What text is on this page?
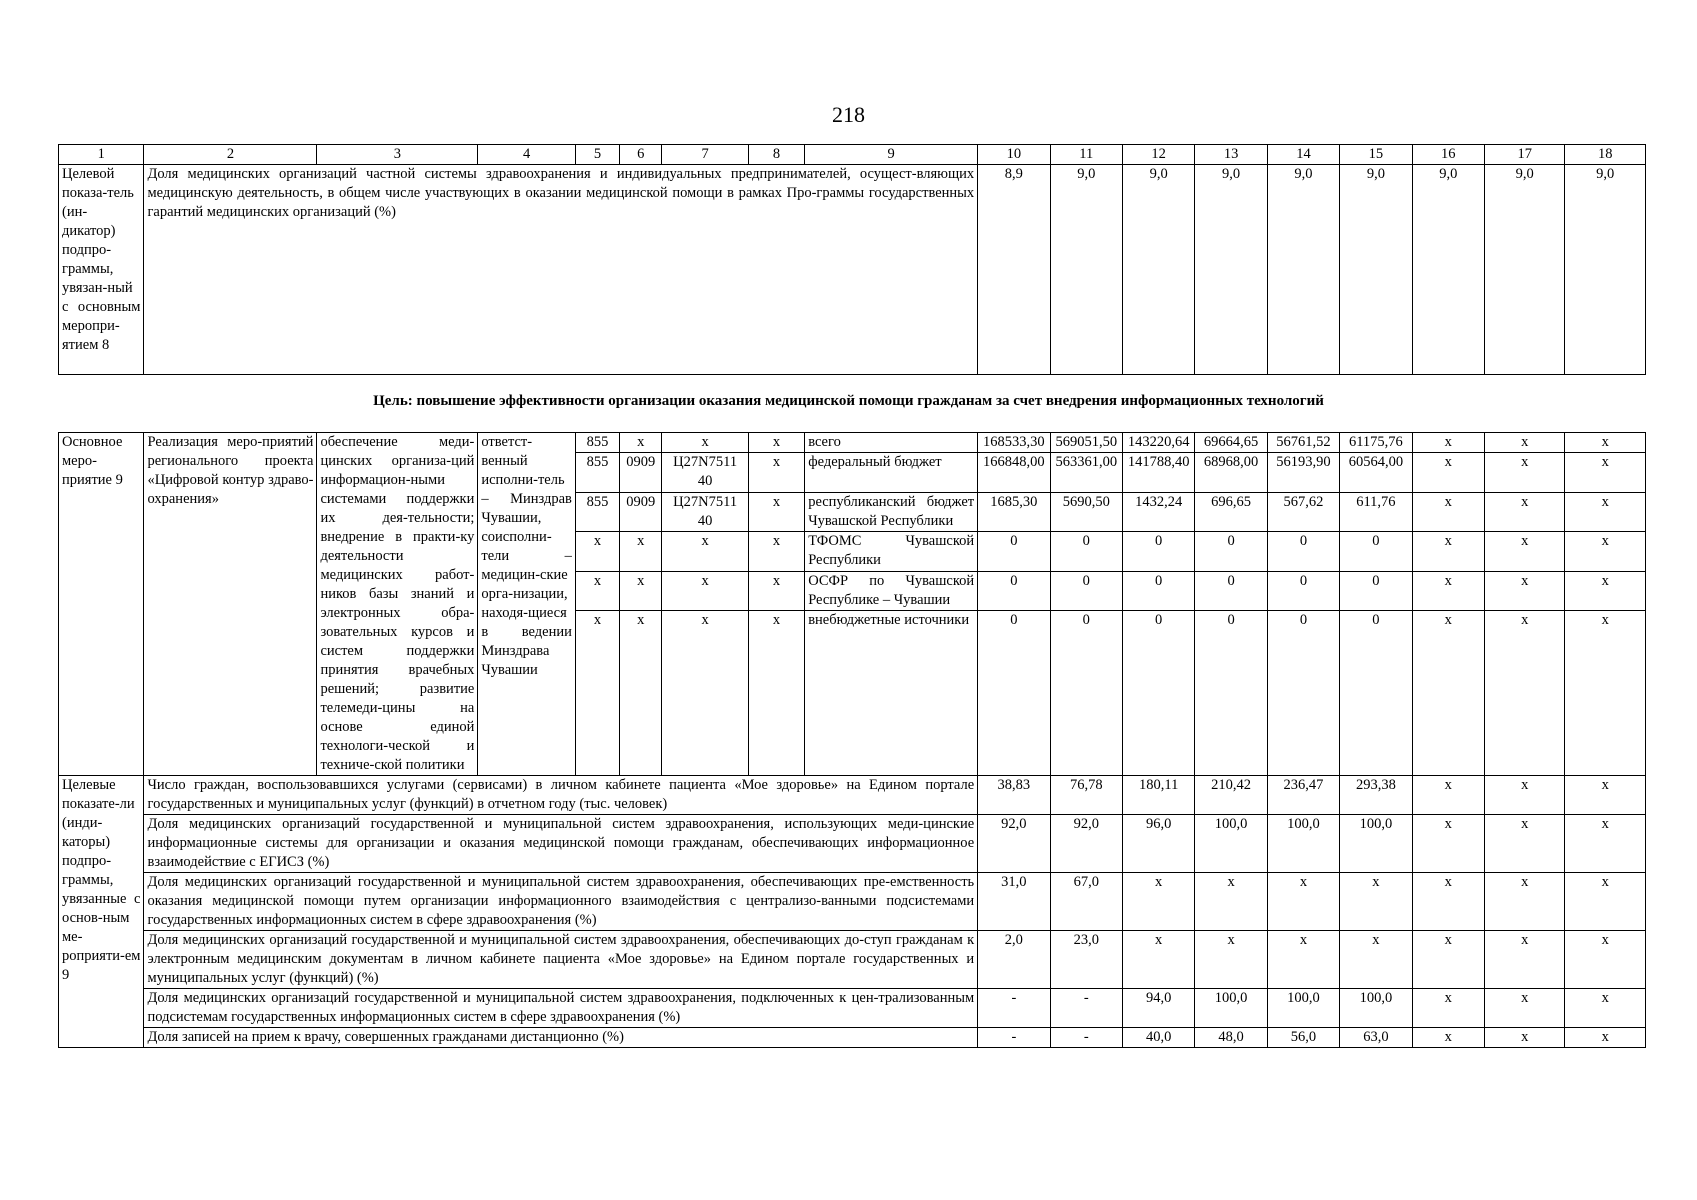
218
1	2	3	4	5	6	7	8	9	10	11	12	13	14	15	16	17	18
Целевой показа-тель (ин-дикатор) подпро-граммы, увязан-ный с основным меропри-ятием 8	Доля медицинских организаций частной системы здравоохранения и индивидуальных предпринимателей, осущест-вляющих медицинскую деятельность, в общем числе участвующих в оказании медицинской помощи в рамках Про-граммы государственных гарантий медицинских организаций (%)								8,9	9,0	9,0	9,0	9,0	9,0	9,0	9,0	9,0
Цель: повышение эффективности организации оказания медицинской помощи гражданам за счет внедрения информационных технологий
Основное меро-приятие 9	Реализация меро-приятий регионального проекта «Цифровой контур здраво-охранения»	обеспечение меди-цинских организа-ций информацион-ными системами поддержки их дея-тельности; внедрение в практи-ку деятельности медицинских работ-ников базы знаний и электронных обра-зовательных курсов и систем поддержки принятия врачебных решений; развитие телемеди-цины на основе единой технологи-ческой и техниче-ской политики	ответст-венный исполни-тель – Минздрав Чувашии, соисполни-тели – медицин-ские орга-низации, находя-щиеся в ведении Минздрава Чувашии	855	х	х	х	всего	168533,30	569051,50	143220,64	69664,65	56761,52	61175,76	х	х	х
				855	0909	Ц27N7511 40	х	федеральный бюджет	166848,00	563361,00	141788,40	68968,00	56193,90	60564,00	х	х	х
				855	0909	Ц27N7511 40	х	республиканский бюджет Чувашской Республики	1685,30	5690,50	1432,24	696,65	567,62	611,76	х	х	х
				х	х	х	х	ТФОМС Чувашской Республики	0	0	0	0	0	0	х	х	х
				х	х	х	х	ОСФР по Чувашской Республике – Чувашии	0	0	0	0	0	0	х	х	х
				х	х	х	х	внебюджетные источники	0	0	0	0	0	0	х	х	х
Целевые показате-ли (инди-каторы) подпро-граммы, увязанные с основ-ным ме-роприяти-ем 9	Число граждан, воспользовавшихся услугами (сервисами) в личном кабинете пациента «Мое здоровье» на Едином портале государственных и муниципальных услуг (функций) в отчетном году (тыс. человек)								38,83	76,78	180,11	210,42	236,47	293,38	х	х	х
	Доля медицинских организаций государственной и муниципальной систем здравоохранения, использующих меди-цинские информационные системы для организации и оказания медицинской помощи гражданам, обеспечивающих информационное взаимодействие с ЕГИСЗ (%)								92,0	92,0	96,0	100,0	100,0	100,0	х	х	х
	Доля медицинских организаций государственной и муниципальной систем здравоохранения, обеспечивающих пре-емственность оказания медицинской помощи путем организации информационного взаимодействия с централизо-ванными подсистемами государственных информационных систем в сфере здравоохранения (%)								31,0	67,0	х	х	х	х	х	х	х
	Доля медицинских организаций государственной и муниципальной систем здравоохранения, обеспечивающих до-ступ гражданам к электронным медицинским документам в личном кабинете пациента «Мое здоровье» на Едином портале государственных и муниципальных услуг (функций) (%)								2,0	23,0	х	х	х	х	х	х	х
	Доля медицинских организаций государственной и муниципальной систем здравоохранения, подключенных к цен-трализованным подсистемам государственных информационных систем в сфере здравоохранения (%)								-	-	94,0	100,0	100,0	100,0	х	х	х
	Доля записей на прием к врачу, совершенных гражданами дистанционно (%)								-	-	40,0	48,0	56,0	63,0	х	х	х
